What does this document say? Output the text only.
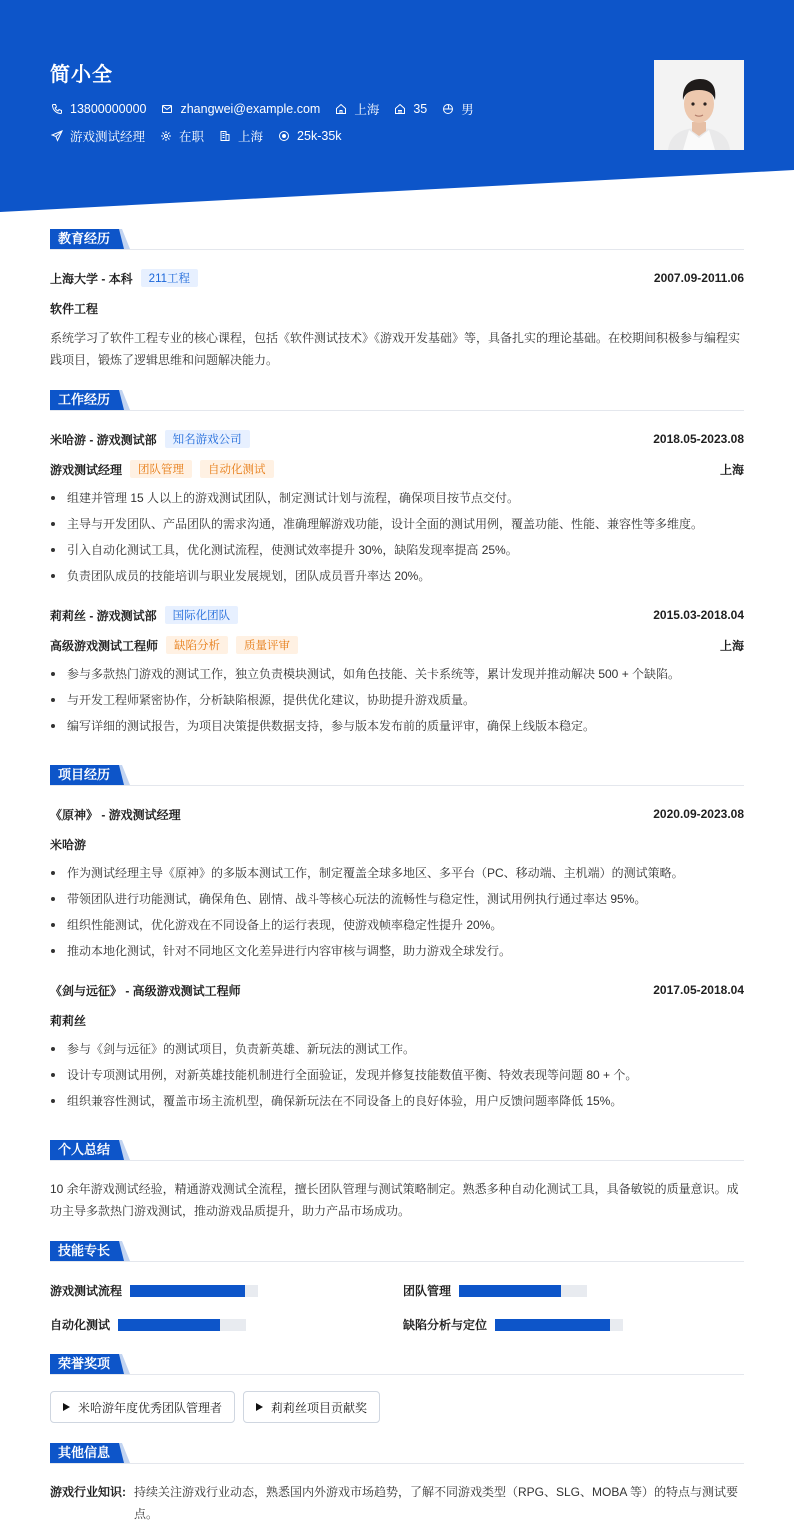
简小全
13800000000	zhangwei@example.com	上海	35	男
游戏测试经理	在职	上海	25k-35k
教育经历
上海大学 - 本科	211工程	2007.09-2011.06
软件工程
系统学习了软件工程专业的核心课程，包括《软件测试技术》《游戏开发基础》等，具备扎实的理论基础。在校期间积极参与编程实践项目，锻炼了逻辑思维和问题解决能力。
工作经历
米哈游 - 游戏测试部	知名游戏公司	2018.05-2023.08
游戏测试经理	团队管理	自动化测试	上海
组建并管理 15 人以上的游戏测试团队，制定测试计划与流程，确保项目按节点交付。
主导与开发团队、产品团队的需求沟通，准确理解游戏功能，设计全面的测试用例，覆盖功能、性能、兼容性等多维度。
引入自动化测试工具，优化测试流程，使测试效率提升 30%，缺陷发现率提高 25%。
负责团队成员的技能培训与职业发展规划，团队成员晋升率达 20%。
莉莉丝 - 游戏测试部	国际化团队	2015.03-2018.04
高级游戏测试工程师	缺陷分析	质量评审	上海
参与多款热门游戏的测试工作，独立负责模块测试，如角色技能、关卡系统等，累计发现并推动解决 500 + 个缺陷。
与开发工程师紧密协作，分析缺陷根源，提供优化建议，协助提升游戏质量。
编写详细的测试报告，为项目决策提供数据支持，参与版本发布前的质量评审，确保上线版本稳定。
项目经历
《原神》 - 游戏测试经理	2020.09-2023.08
米哈游
作为测试经理主导《原神》的多版本测试工作，制定覆盖全球多地区、多平台（PC、移动端、主机端）的测试策略。
带领团队进行功能测试，确保角色、剧情、战斗等核心玩法的流畅性与稳定性，测试用例执行通过率达 95%。
组织性能测试，优化游戏在不同设备上的运行表现，使游戏帧率稳定性提升 20%。
推动本地化测试，针对不同地区文化差异进行内容审核与调整，助力游戏全球发行。
《剑与远征》 - 高级游戏测试工程师	2017.05-2018.04
莉莉丝
参与《剑与远征》的测试项目，负责新英雄、新玩法的测试工作。
设计专项测试用例，对新英雄技能机制进行全面验证，发现并修复技能数值平衡、特效表现等问题 80 + 个。
组织兼容性测试，覆盖市场主流机型，确保新玩法在不同设备上的良好体验，用户反馈问题率降低 15%。
个人总结
10 余年游戏测试经验，精通游戏测试全流程，擅长团队管理与测试策略制定。熟悉多种自动化测试工具，具备敏锐的质量意识。成功主导多款热门游戏测试，推动游戏品质提升，助力产品市场成功。
技能专长
游戏测试流程	团队管理
自动化测试	缺陷分析与定位
荣誉奖项
米哈游年度优秀团队管理者	莉莉丝项目贡献奖
其他信息
游戏行业知识: 持续关注游戏行业动态，熟悉国内外游戏市场趋势，了解不同游戏类型（RPG、SLG、MOBA 等）的特点与测试要点。
